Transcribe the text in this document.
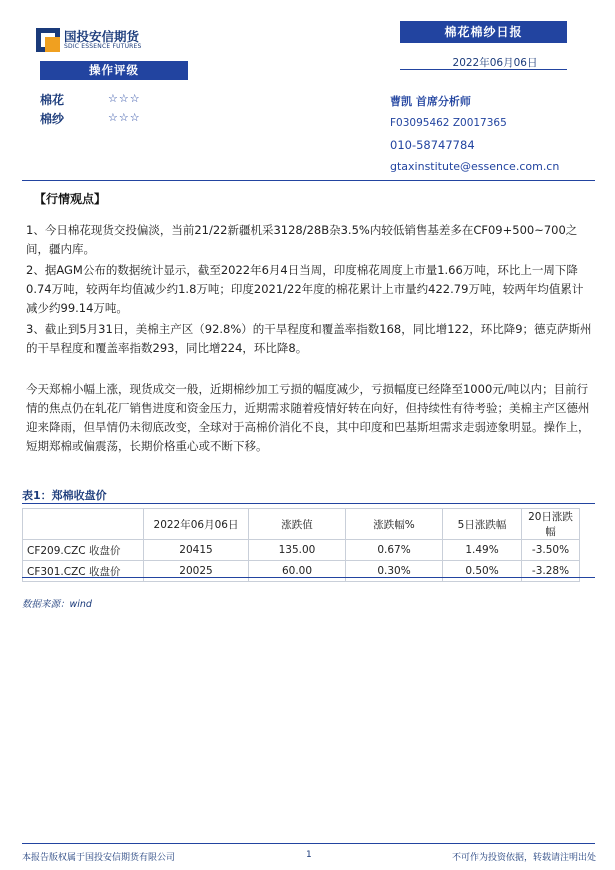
国投安信期货
SDIC ESSENCE FUTURES
棉花棉纱日报
2022年06月06日
操作评级
棉花	☆☆☆
棉纱	☆☆☆
曹凯 首席分析师
F03095462 Z0017365
010-58747784
gtaxinstitute@essence.com.cn
【行情观点】
1、今日棉花现货交投偏淡，当前21/22新疆机采3128/28B杂3.5%内较低销售基差多在CF09+500~700之间，疆内库。
2、据AGM公布的数据统计显示，截至2022年6月4日当周，印度棉花周度上市量1.66万吨，环比上一周下降0.74万吨，较两年均值减少约1.8万吨；印度2021/22年度的棉花累计上市量约422.79万吨，较两年均值累计减少约99.14万吨。
3、截止到5月31日，美棉主产区（92.8%）的干旱程度和覆盖率指数168，同比增122，环比降9；德克萨斯州的干旱程度和覆盖率指数293，同比增224，环比降8。
今天郑棉小幅上涨，现货成交一般，近期棉纱加工亏损的幅度减少，亏损幅度已经降至1000元/吨以内；目前行情的焦点仍在轧花厂销售进度和资金压力，近期需求随着疫情好转在向好，但持续性有待考验；美棉主产区德州迎来降雨，但旱情仍未彻底改变，全球对于高棉价消化不良，其中印度和巴基斯坦需求走弱迹象明显。操作上，短期郑棉或偏震荡，长期价格重心或不断下移。
表1：郑棉收盘价
	2022年06月06日	涨跌值	涨跌幅%	5日涨跌幅	20日涨跌幅
CF209.CZC 收盘价	20415	135.00	0.67%	1.49%	-3.50%
CF301.CZC 收盘价	20025	60.00	0.30%	0.50%	-3.28%
数据来源：wind
本报告版权属于国投安信期货有限公司	1	不可作为投资依据，转载请注明出处
